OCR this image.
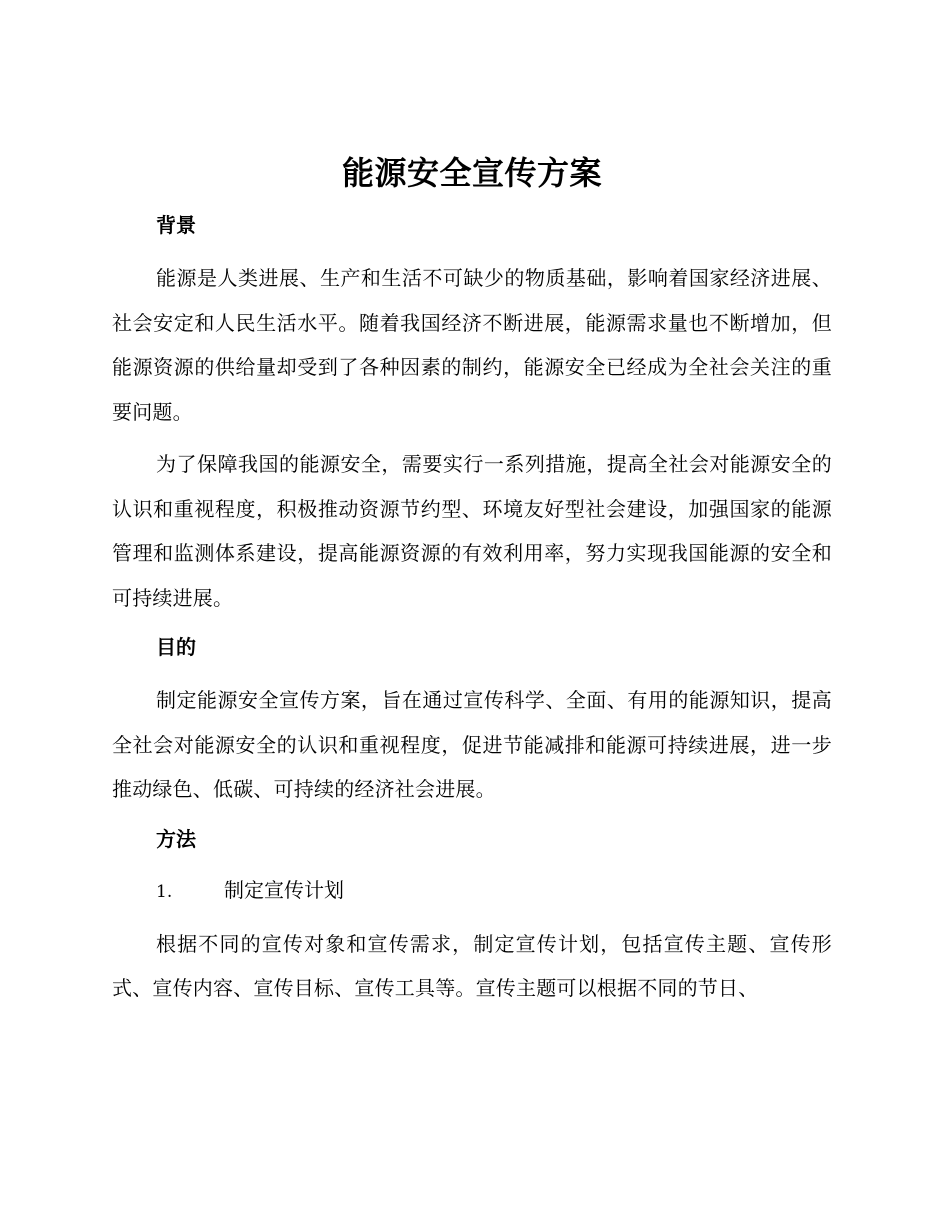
能源安全宣传方案
背景

能源是人类进展、生产和生活不可缺少的物质基础，影响着国家经济进展、社会安定和人民生活水平。随着我国经济不断进展，能源需求量也不断增加，但能源资源的供给量却受到了各种因素的制约，能源安全已经成为全社会关注的重要问题。

为了保障我国的能源安全，需要实行一系列措施，提高全社会对能源安全的认识和重视程度，积极推动资源节约型、环境友好型社会建设，加强国家的能源管理和监测体系建设，提高能源资源的有效利用率，努力实现我国能源的安全和可持续进展。

目的

制定能源安全宣传方案，旨在通过宣传科学、全面、有用的能源知识，提高全社会对能源安全的认识和重视程度，促进节能减排和能源可持续进展，进一步推动绿色、低碳、可持续的经济社会进展。

方法
1.	制定宣传计划

根据不同的宣传对象和宣传需求，制定宣传计划，包括宣传主题、宣传形式、宣传内容、宣传目标、宣传工具等。宣传主题可以根据不同的节日、
